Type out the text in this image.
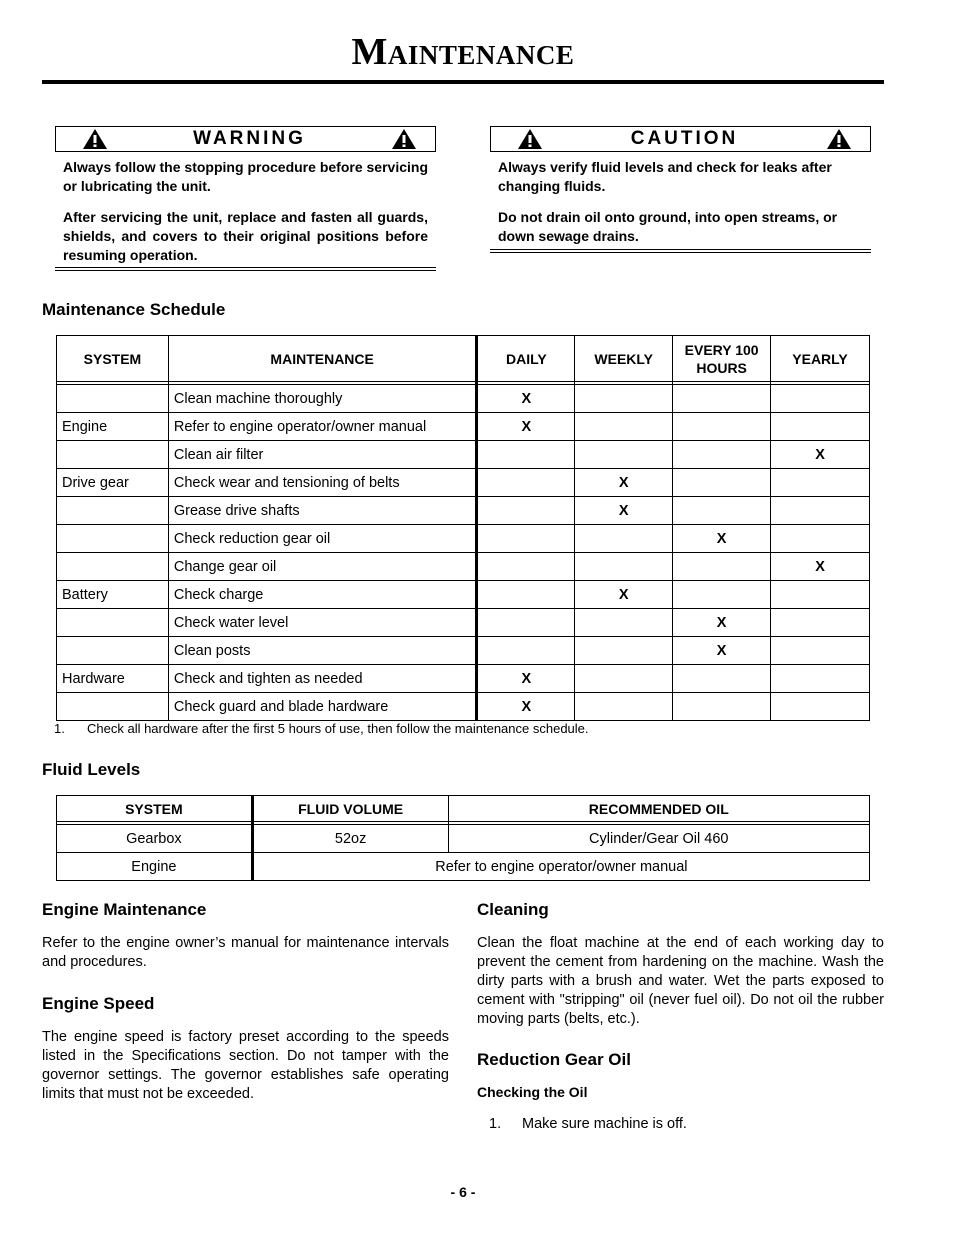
Maintenance
WARNING

Always follow the stopping procedure before servicing or lubricating the unit.

After servicing the unit, replace and fasten all guards, shields, and covers to their original positions before resuming operation.

CAUTION

Always verify fluid levels and check for leaks after changing fluids.

Do not drain oil onto ground, into open streams, or down sewage drains.

Maintenance Schedule
SYSTEM	MAINTENANCE	DAILY	WEEKLY	EVERY 100 HOURS	YEARLY

	Clean machine thoroughly	X			
Engine	Refer to engine operator/owner manual	X			
	Clean air filter				X
Drive gear	Check wear and tensioning of belts		X		
	Grease drive shafts		X		
	Check reduction gear oil			X	
	Change gear oil				X
Battery	Check charge		X		
	Check water level			X	
	Clean posts			X	
Hardware	Check and tighten as needed	X			
	Check guard and blade hardware	X			
1. Check all hardware after the first 5 hours of use, then follow the maintenance schedule.
Fluid Levels
SYSTEM	FLUID VOLUME	RECOMMENDED OIL

Gearbox	52oz	Cylinder/Gear Oil 460
Engine	Refer to engine operator/owner manual	
Engine Maintenance
Refer to the engine owner’s manual for maintenance intervals and procedures.
Engine Speed
The engine speed is factory preset according to the speeds listed in the Specifications section. Do not tamper with the governor settings. The governor establishes safe operating limits that must not be exceeded.
Cleaning
Clean the float machine at the end of each working day to prevent the cement from hardening on the machine. Wash the dirty parts with a brush and water. Wet the parts exposed to cement with "stripping" oil (never fuel oil). Do not oil the rubber moving parts (belts, etc.).
Reduction Gear Oil
Checking the Oil
1. Make sure machine is off.
- 6 -
